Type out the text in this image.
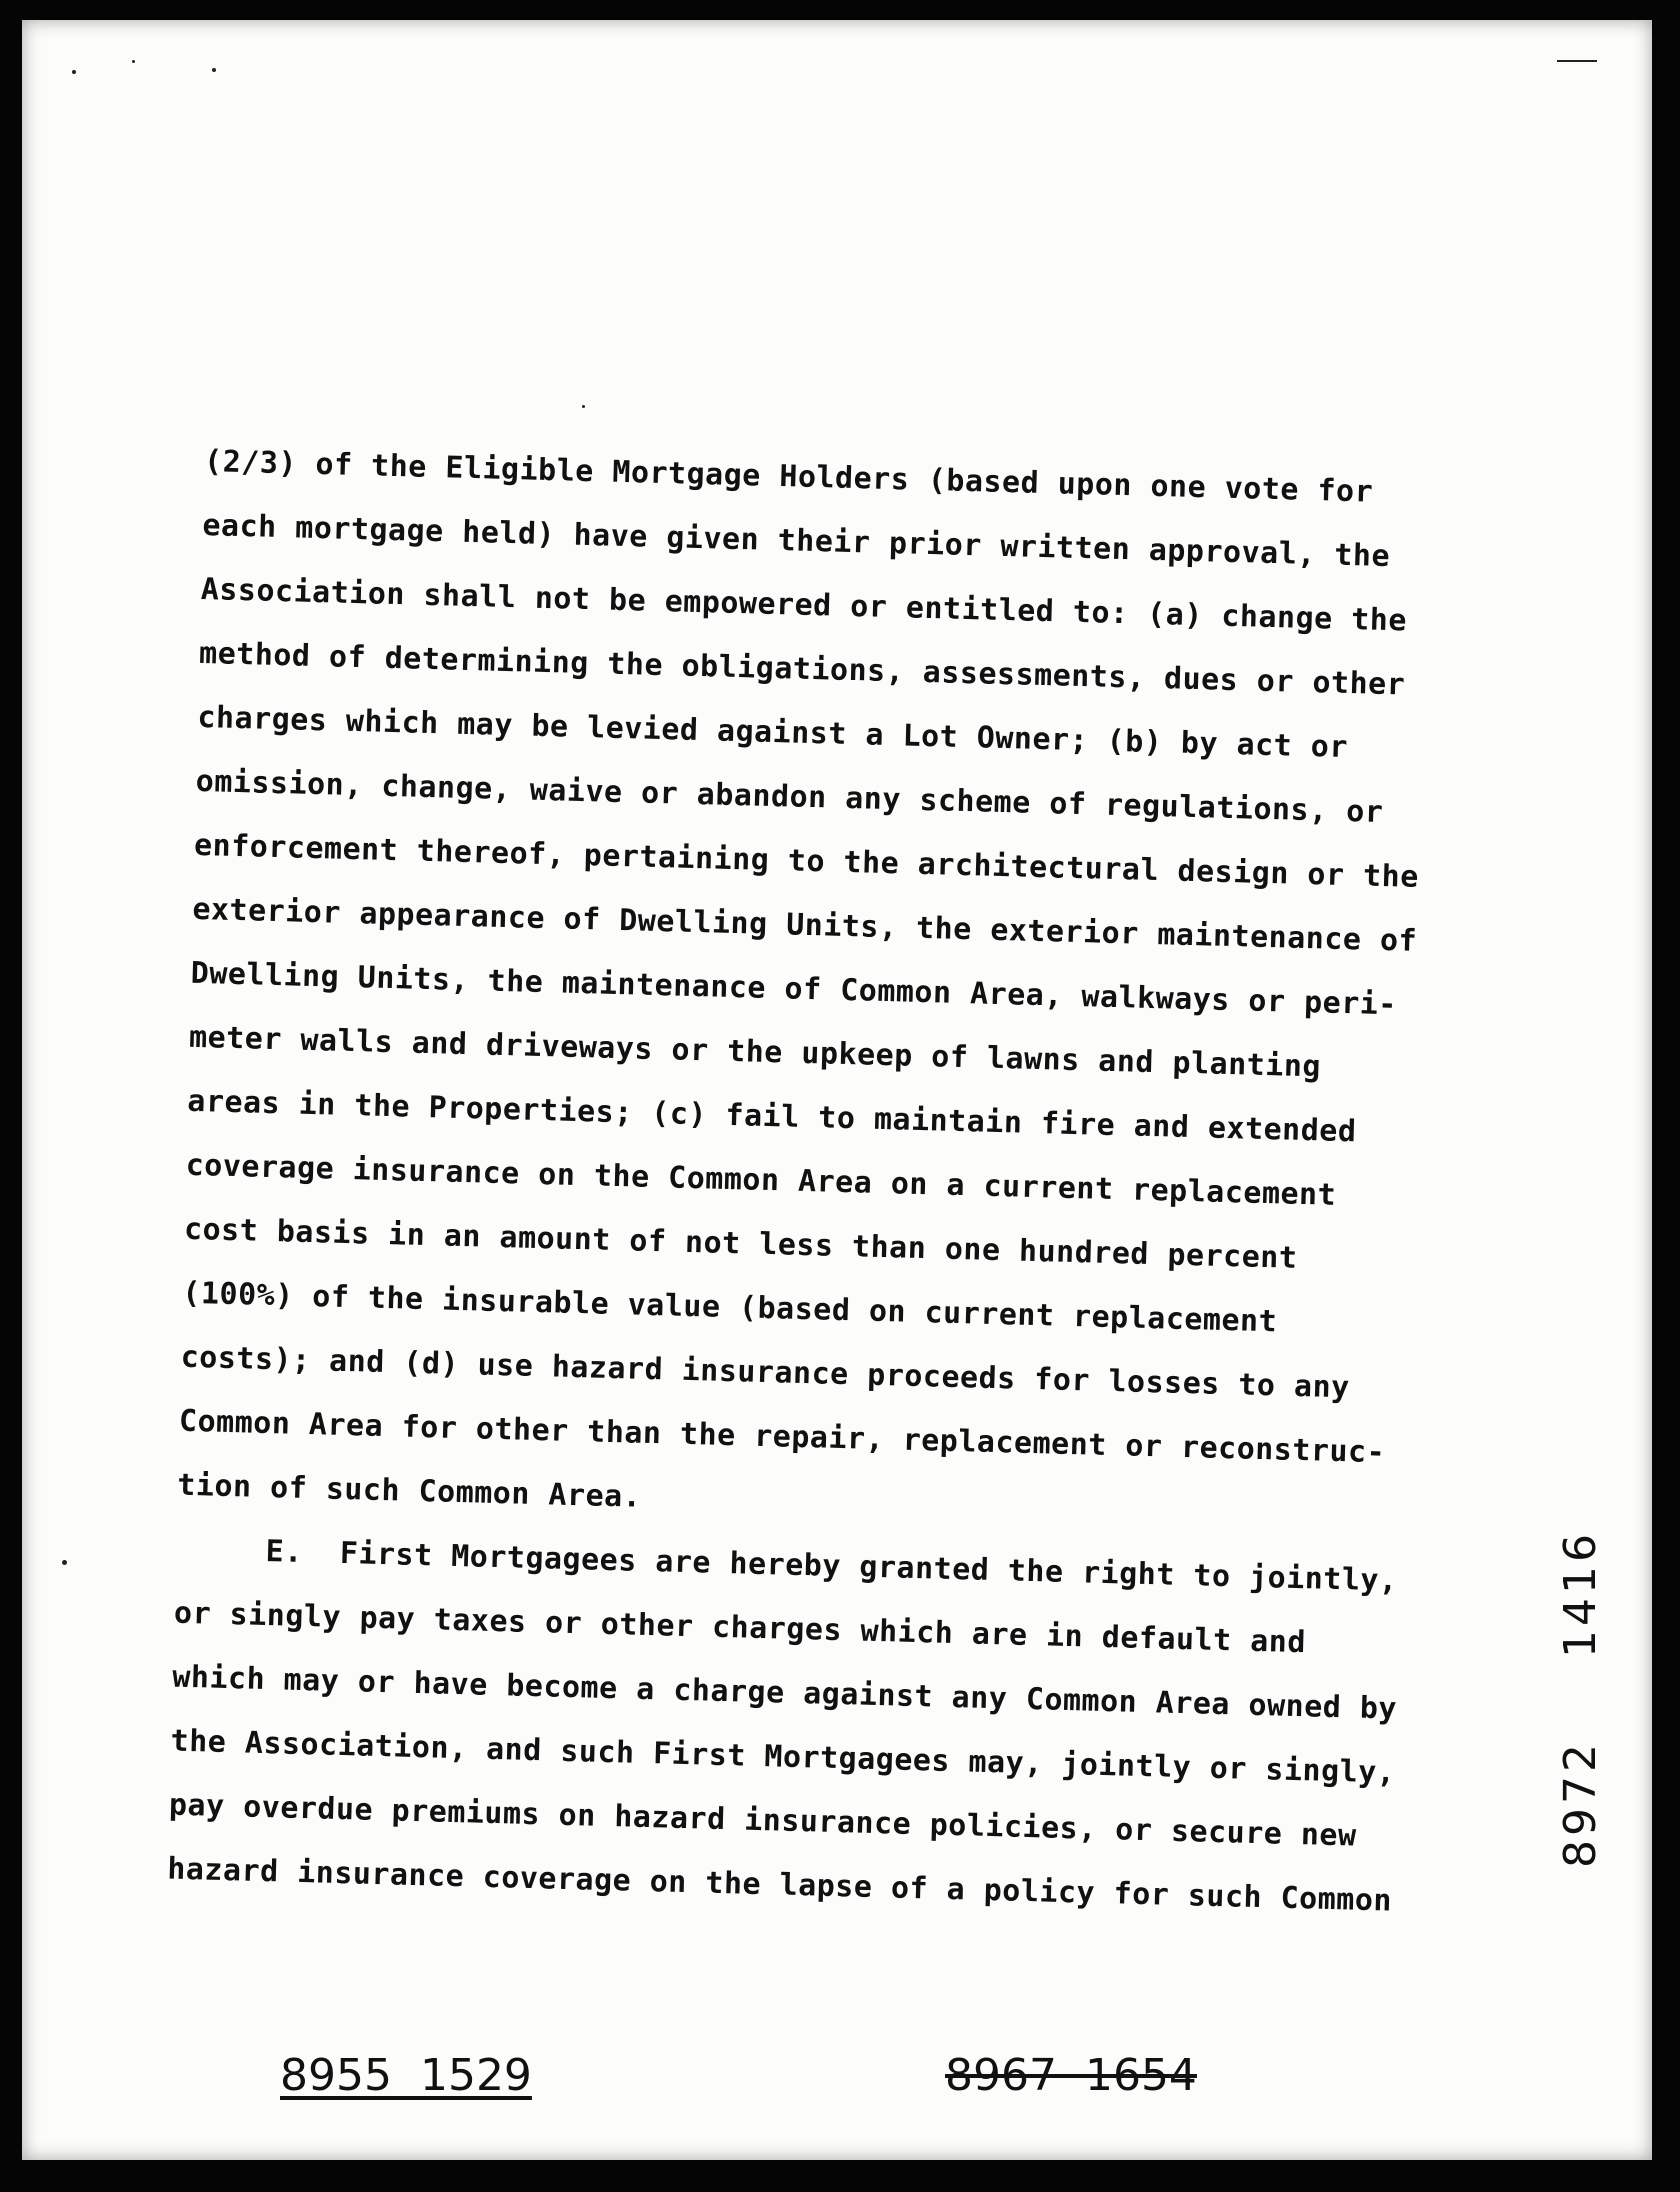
(2/3) of the Eligible Mortgage Holders (based upon one vote for
each mortgage held) have given their prior written approval, the
Association shall not be empowered or entitled to: (a) change the
method of determining the obligations, assessments, dues or other
charges which may be levied against a Lot Owner; (b) by act or
omission, change, waive or abandon any scheme of regulations, or
enforcement thereof, pertaining to the architectural design or the
exterior appearance of Dwelling Units, the exterior maintenance of
Dwelling Units, the maintenance of Common Area, walkways or peri-
meter walls and driveways or the upkeep of lawns and planting
areas in the Properties; (c) fail to maintain fire and extended
coverage insurance on the Common Area on a current replacement
cost basis in an amount of not less than one hundred percent
(100%) of the insurable value (based on current replacement
costs); and (d) use hazard insurance proceeds for losses to any
Common Area for other than the repair, replacement or reconstruc-
tion of such Common Area.
E.  First Mortgagees are hereby granted the right to jointly,
or singly pay taxes or other charges which are in default and
which may or have become a charge against any Common Area owned by
the Association, and such First Mortgagees may, jointly or singly,
pay overdue premiums on hazard insurance policies, or secure new
hazard insurance coverage on the lapse of a policy for such Common
1416
8972
8955  1529	8967  1654
